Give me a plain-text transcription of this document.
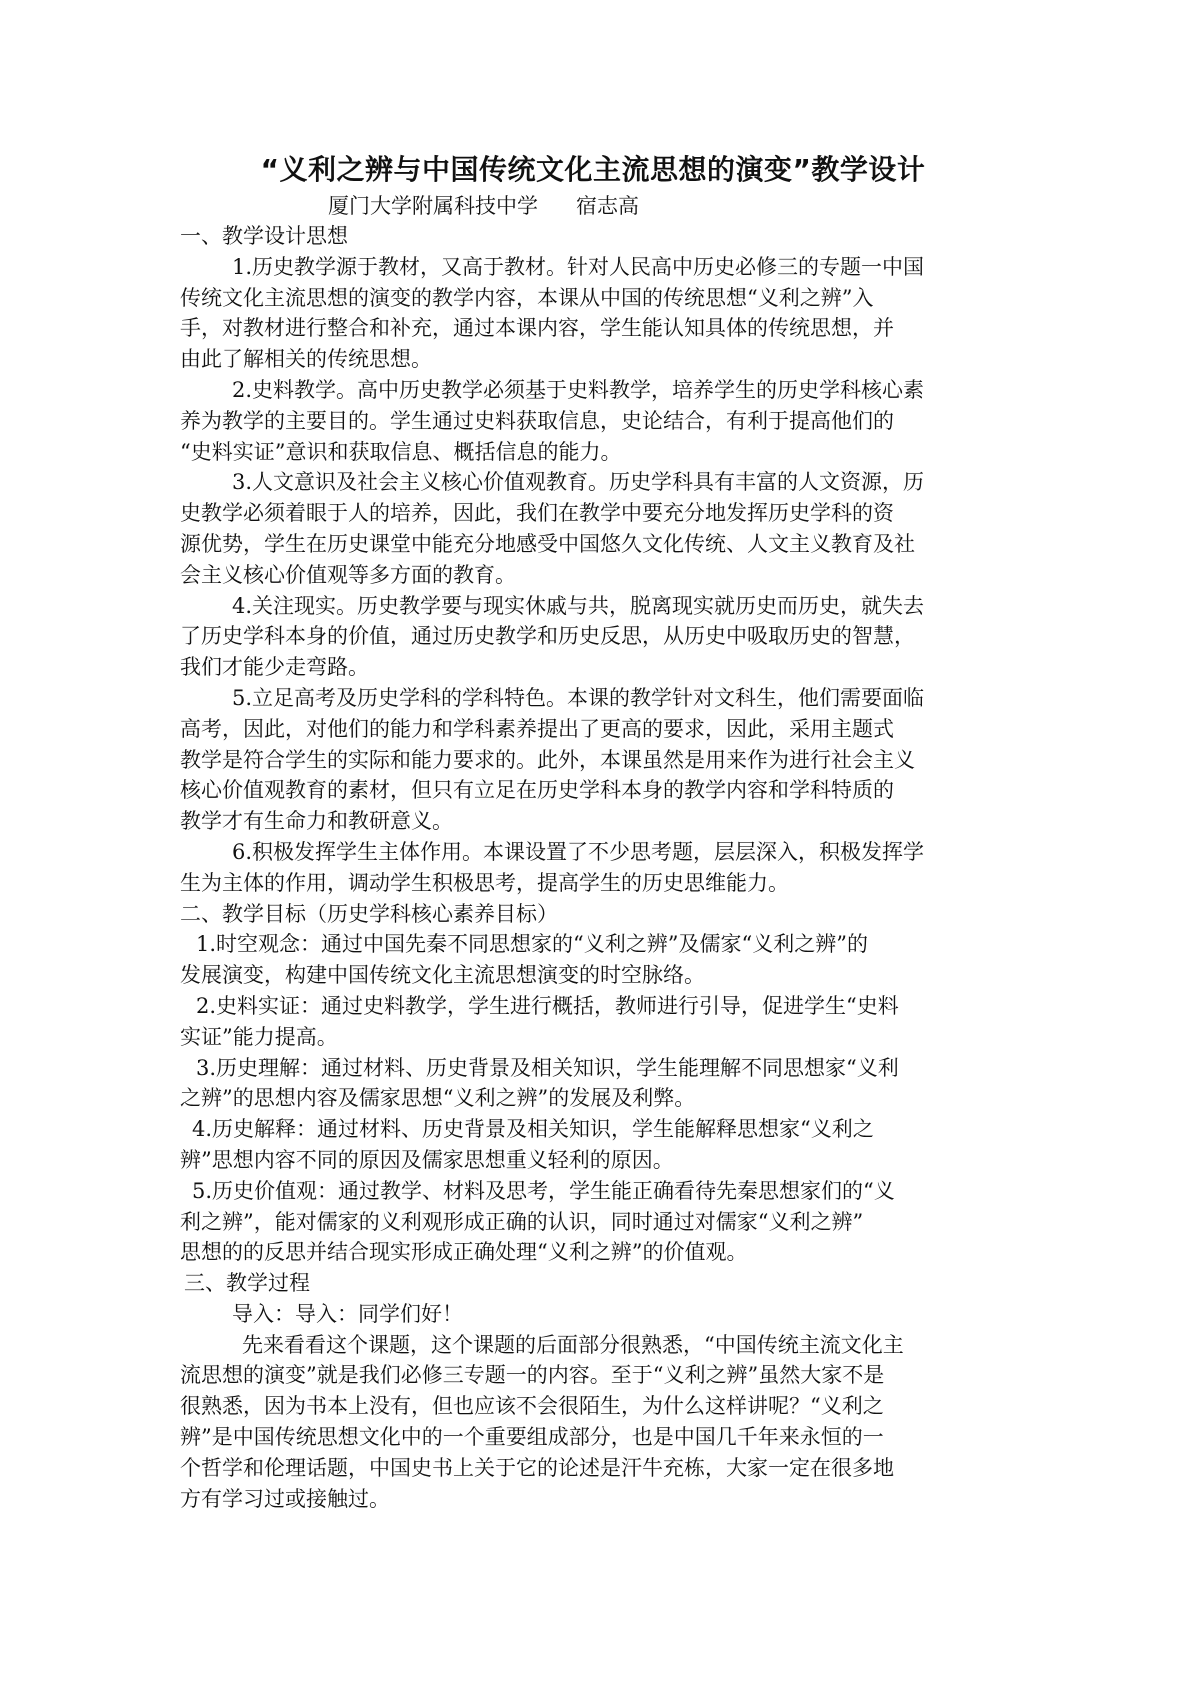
“义利之辨与中国传统文化主流思想的演变”教学设计
厦门大学附属科技中学 宿志高
一、教学设计思想
1.历史教学源于教材，又高于教材。针对人民高中历史必修三的专题一中国
传统文化主流思想的演变的教学内容，本课从中国的传统思想“义利之辨”入
手，对教材进行整合和补充，通过本课内容，学生能认知具体的传统思想，并
由此了解相关的传统思想。
2.史料教学。高中历史教学必须基于史料教学，培养学生的历史学科核心素
养为教学的主要目的。学生通过史料获取信息，史论结合，有利于提高他们的
“史料实证”意识和获取信息、概括信息的能力。
3.人文意识及社会主义核心价值观教育。历史学科具有丰富的人文资源，历
史教学必须着眼于人的培养，因此，我们在教学中要充分地发挥历史学科的资
源优势，学生在历史课堂中能充分地感受中国悠久文化传统、人文主义教育及社
会主义核心价值观等多方面的教育。
4.关注现实。历史教学要与现实休戚与共，脱离现实就历史而历史，就失去
了历史学科本身的价值，通过历史教学和历史反思，从历史中吸取历史的智慧，
我们才能少走弯路。
5.立足高考及历史学科的学科特色。本课的教学针对文科生，他们需要面临
高考，因此，对他们的能力和学科素养提出了更高的要求，因此，采用主题式
教学是符合学生的实际和能力要求的。此外，本课虽然是用来作为进行社会主义
核心价值观教育的素材，但只有立足在历史学科本身的教学内容和学科特质的
教学才有生命力和教研意义。
6.积极发挥学生主体作用。本课设置了不少思考题，层层深入，积极发挥学
生为主体的作用，调动学生积极思考，提高学生的历史思维能力。
二、教学目标（历史学科核心素养目标）
1.时空观念：通过中国先秦不同思想家的“义利之辨”及儒家“义利之辨”的
发展演变，构建中国传统文化主流思想演变的时空脉络。
2.史料实证：通过史料教学，学生进行概括，教师进行引导，促进学生“史料
实证”能力提高。
3.历史理解：通过材料、历史背景及相关知识，学生能理解不同思想家“义利
之辨”的思想内容及儒家思想“义利之辨”的发展及利弊。
4.历史解释：通过材料、历史背景及相关知识，学生能解释思想家“义利之
辨”思想内容不同的原因及儒家思想重义轻利的原因。
5.历史价值观：通过教学、材料及思考，学生能正确看待先秦思想家们的“义
利之辨”，能对儒家的义利观形成正确的认识，同时通过对儒家“义利之辨”
思想的的反思并结合现实形成正确处理“义利之辨”的价值观。
三、教学过程
导入：导入：同学们好！
先来看看这个课题，这个课题的后面部分很熟悉，“中国传统主流文化主
流思想的演变”就是我们必修三专题一的内容。至于“义利之辨”虽然大家不是
很熟悉，因为书本上没有，但也应该不会很陌生，为什么这样讲呢？“义利之
辨”是中国传统思想文化中的一个重要组成部分，也是中国几千年来永恒的一
个哲学和伦理话题，中国史书上关于它的论述是汗牛充栋，大家一定在很多地
方有学习过或接触过。
